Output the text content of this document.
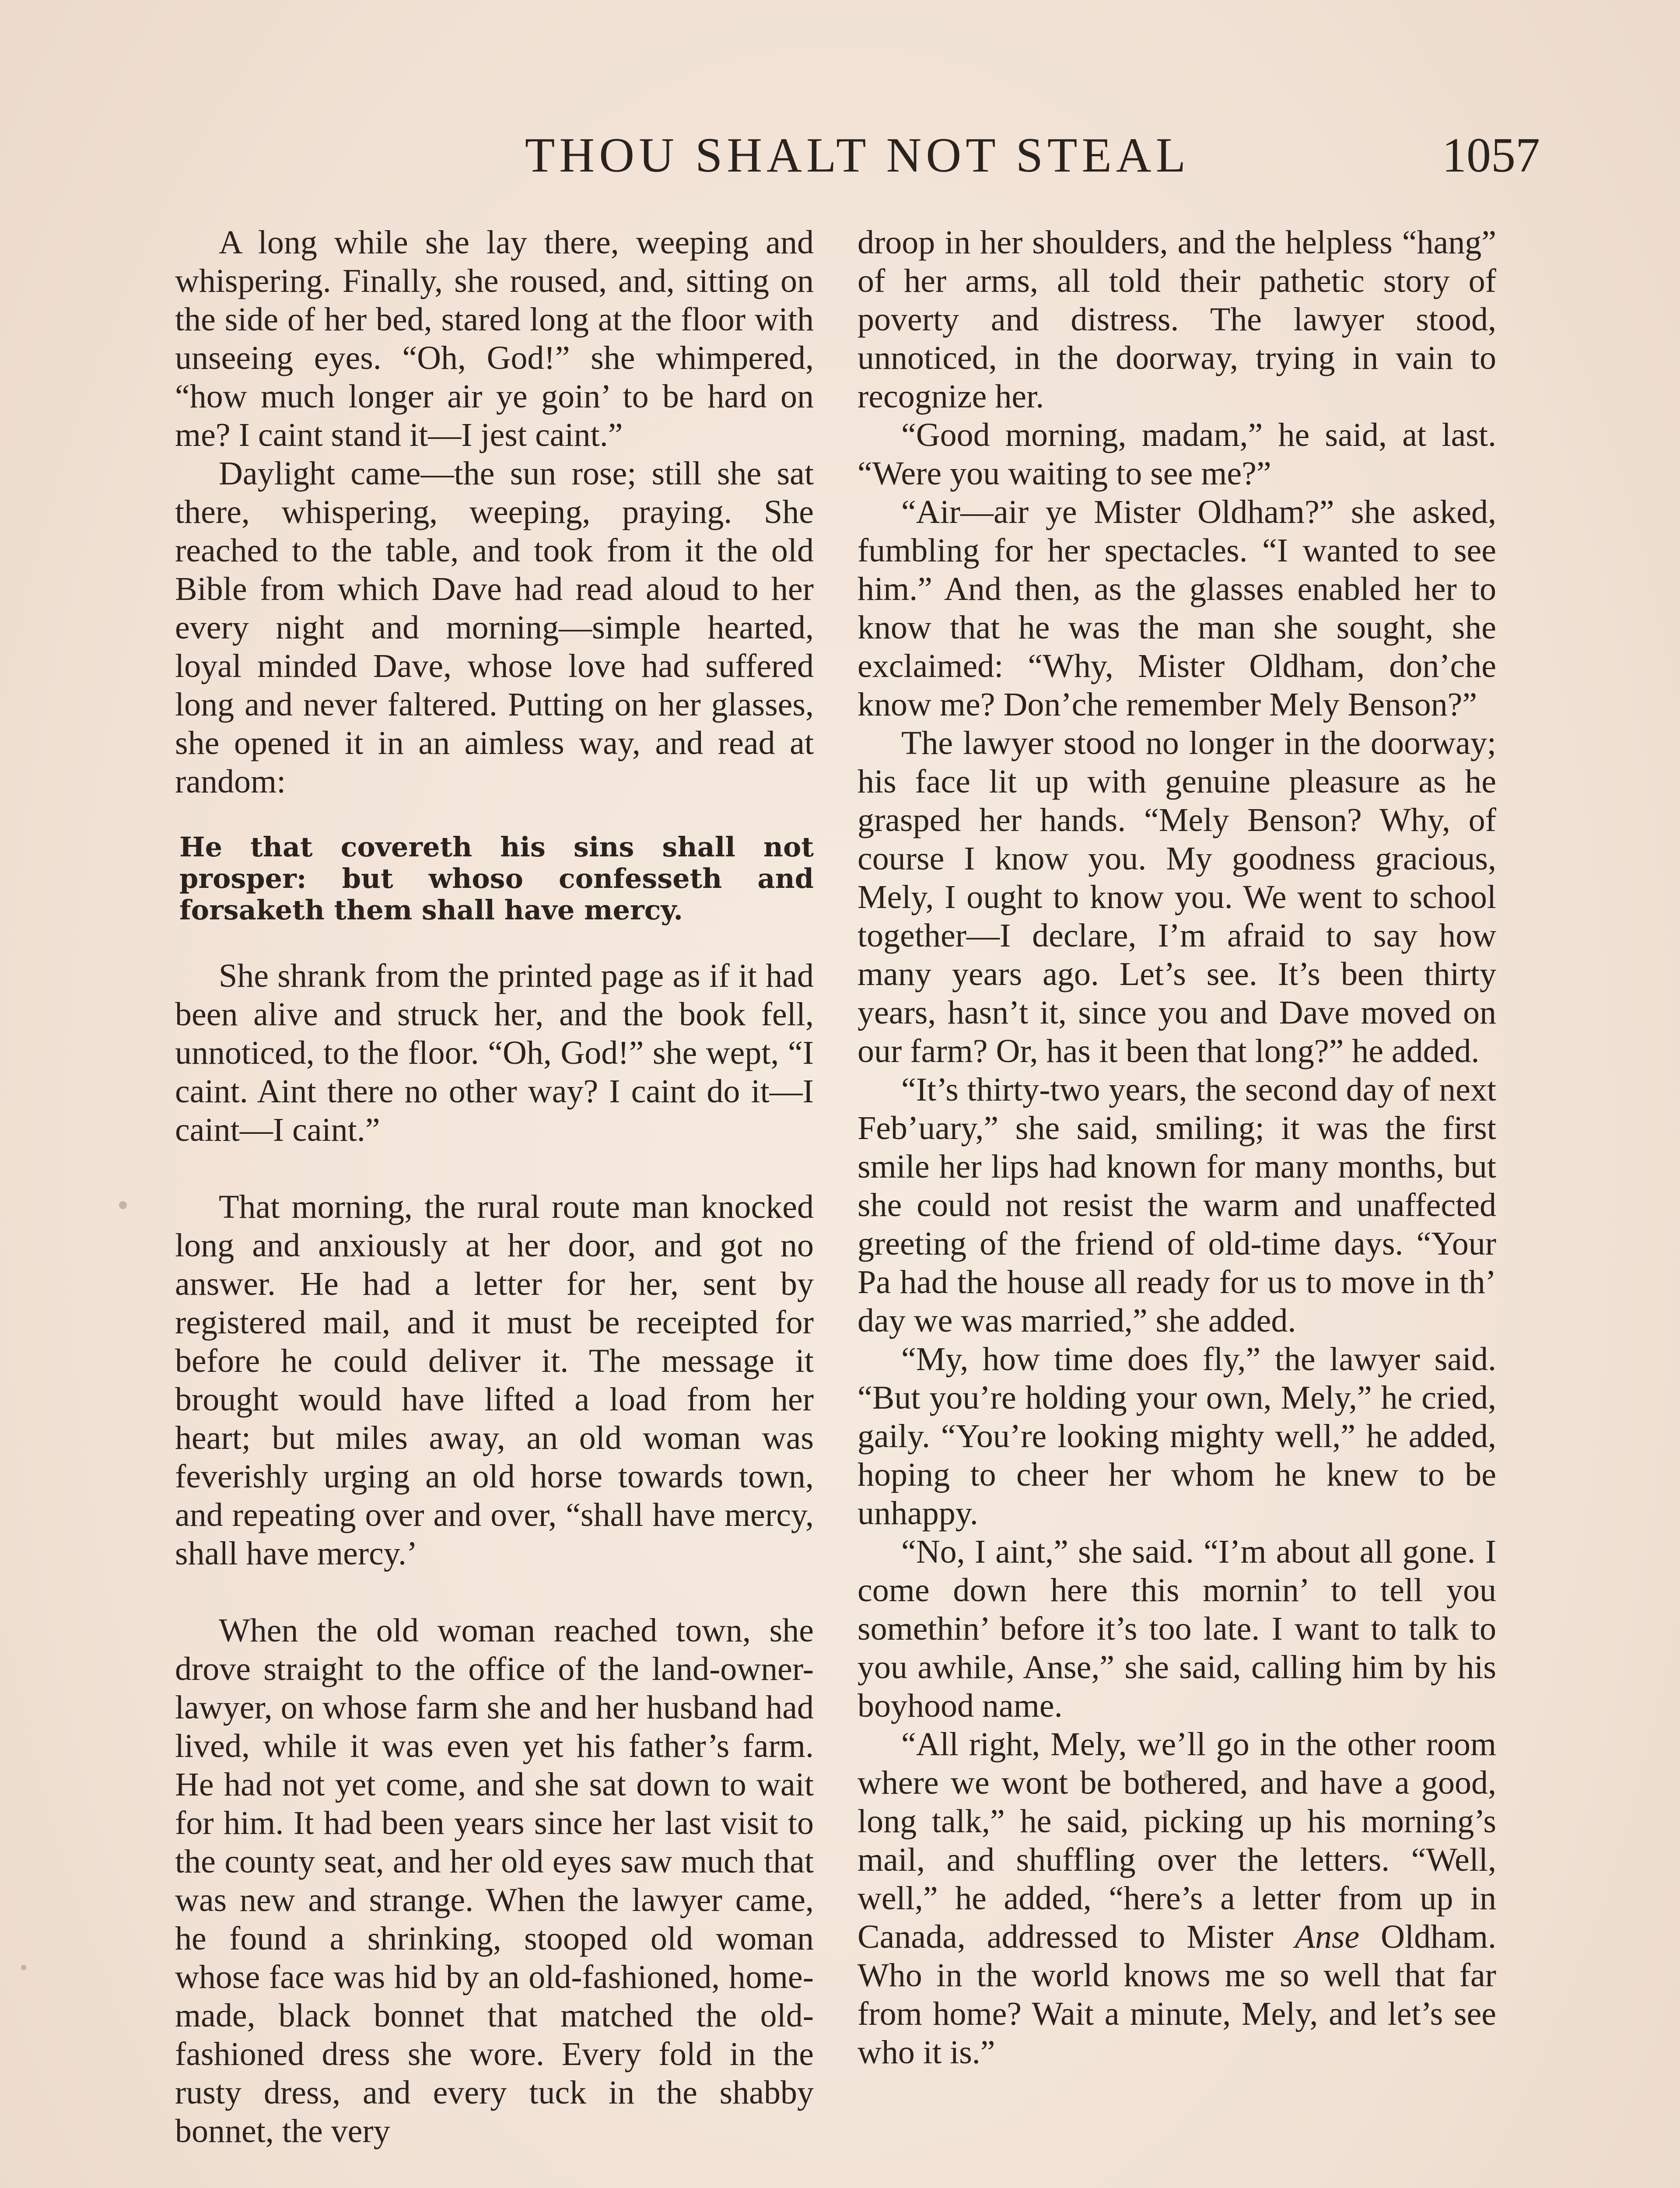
THOU SHALT NOT STEAL	1057

A long while she lay there, weeping and whispering. Finally, she roused, and, sitting on the side of her bed, stared long at the floor with unseeing eyes. “Oh, God!” she whimpered, “how much longer air ye goin’ to be hard on me? I caint stand it—I jest caint.”

Daylight came—the sun rose; still she sat there, whispering, weeping, praying. She reached to the table, and took from it the old Bible from which Dave had read aloud to her every night and morning—simple hearted, loyal minded Dave, whose love had suffered long and never faltered. Putting on her glasses, she opened it in an aimless way, and read at random:

He that covereth his sins shall not prosper: but whoso confesseth and forsaketh them shall have mercy.

She shrank from the printed page as if it had been alive and struck her, and the book fell, unnoticed, to the floor. “Oh, God!” she wept, “I caint. Aint there no other way? I caint do it—I caint—I caint.”

That morning, the rural route man knocked long and anxiously at her door, and got no answer. He had a letter for her, sent by registered mail, and it must be receipted for before he could deliver it. The message it brought would have lifted a load from her heart; but miles away, an old woman was feverishly urging an old horse towards town, and repeating over and over, “shall have mercy, shall have mercy.’

When the old woman reached town, she drove straight to the office of the land-owner-lawyer, on whose farm she and her husband had lived, while it was even yet his father’s farm. He had not yet come, and she sat down to wait for him. It had been years since her last visit to the county seat, and her old eyes saw much that was new and strange. When the lawyer came, he found a shrinking, stooped old woman whose face was hid by an old-fashioned, home-made, black bonnet that matched the old-fashioned dress she wore. Every fold in the rusty dress, and every tuck in the shabby bonnet, the very

droop in her shoulders, and the helpless “hang” of her arms, all told their pathetic story of poverty and distress. The lawyer stood, unnoticed, in the doorway, trying in vain to recognize her.

“Good morning, madam,” he said, at last. “Were you waiting to see me?”

“Air—air ye Mister Oldham?” she asked, fumbling for her spectacles. “I wanted to see him.” And then, as the glasses enabled her to know that he was the man she sought, she exclaimed: “Why, Mister Oldham, don’che know me? Don’che remember Mely Benson?”

The lawyer stood no longer in the doorway; his face lit up with genuine pleasure as he grasped her hands. “Mely Benson? Why, of course I know you. My goodness gracious, Mely, I ought to know you. We went to school together—I declare, I’m afraid to say how many years ago. Let’s see. It’s been thirty years, hasn’t it, since you and Dave moved on our farm? Or, has it been that long?” he added.

“It’s thirty-two years, the second day of next Feb’uary,” she said, smiling; it was the first smile her lips had known for many months, but she could not resist the warm and unaffected greeting of the friend of old-time days. “Your Pa had the house all ready for us to move in th’ day we was married,” she added.

“My, how time does fly,” the lawyer said. “But you’re holding your own, Mely,” he cried, gaily. “You’re looking mighty well,” he added, hoping to cheer her whom he knew to be unhappy.

“No, I aint,” she said. “I’m about all gone. I come down here this mornin’ to tell you somethin’ before it’s too late. I want to talk to you awhile, Anse,” she said, calling him by his boyhood name.

“All right, Mely, we’ll go in the other room where we wont be bothered, and have a good, long talk,” he said, picking up his morning’s mail, and shuffling over the letters. “Well, well,” he added, “here’s a letter from up in Canada, addressed to Mister Anse Oldham. Who in the world knows me so well that far from home? Wait a minute, Mely, and let’s see who it is.”
